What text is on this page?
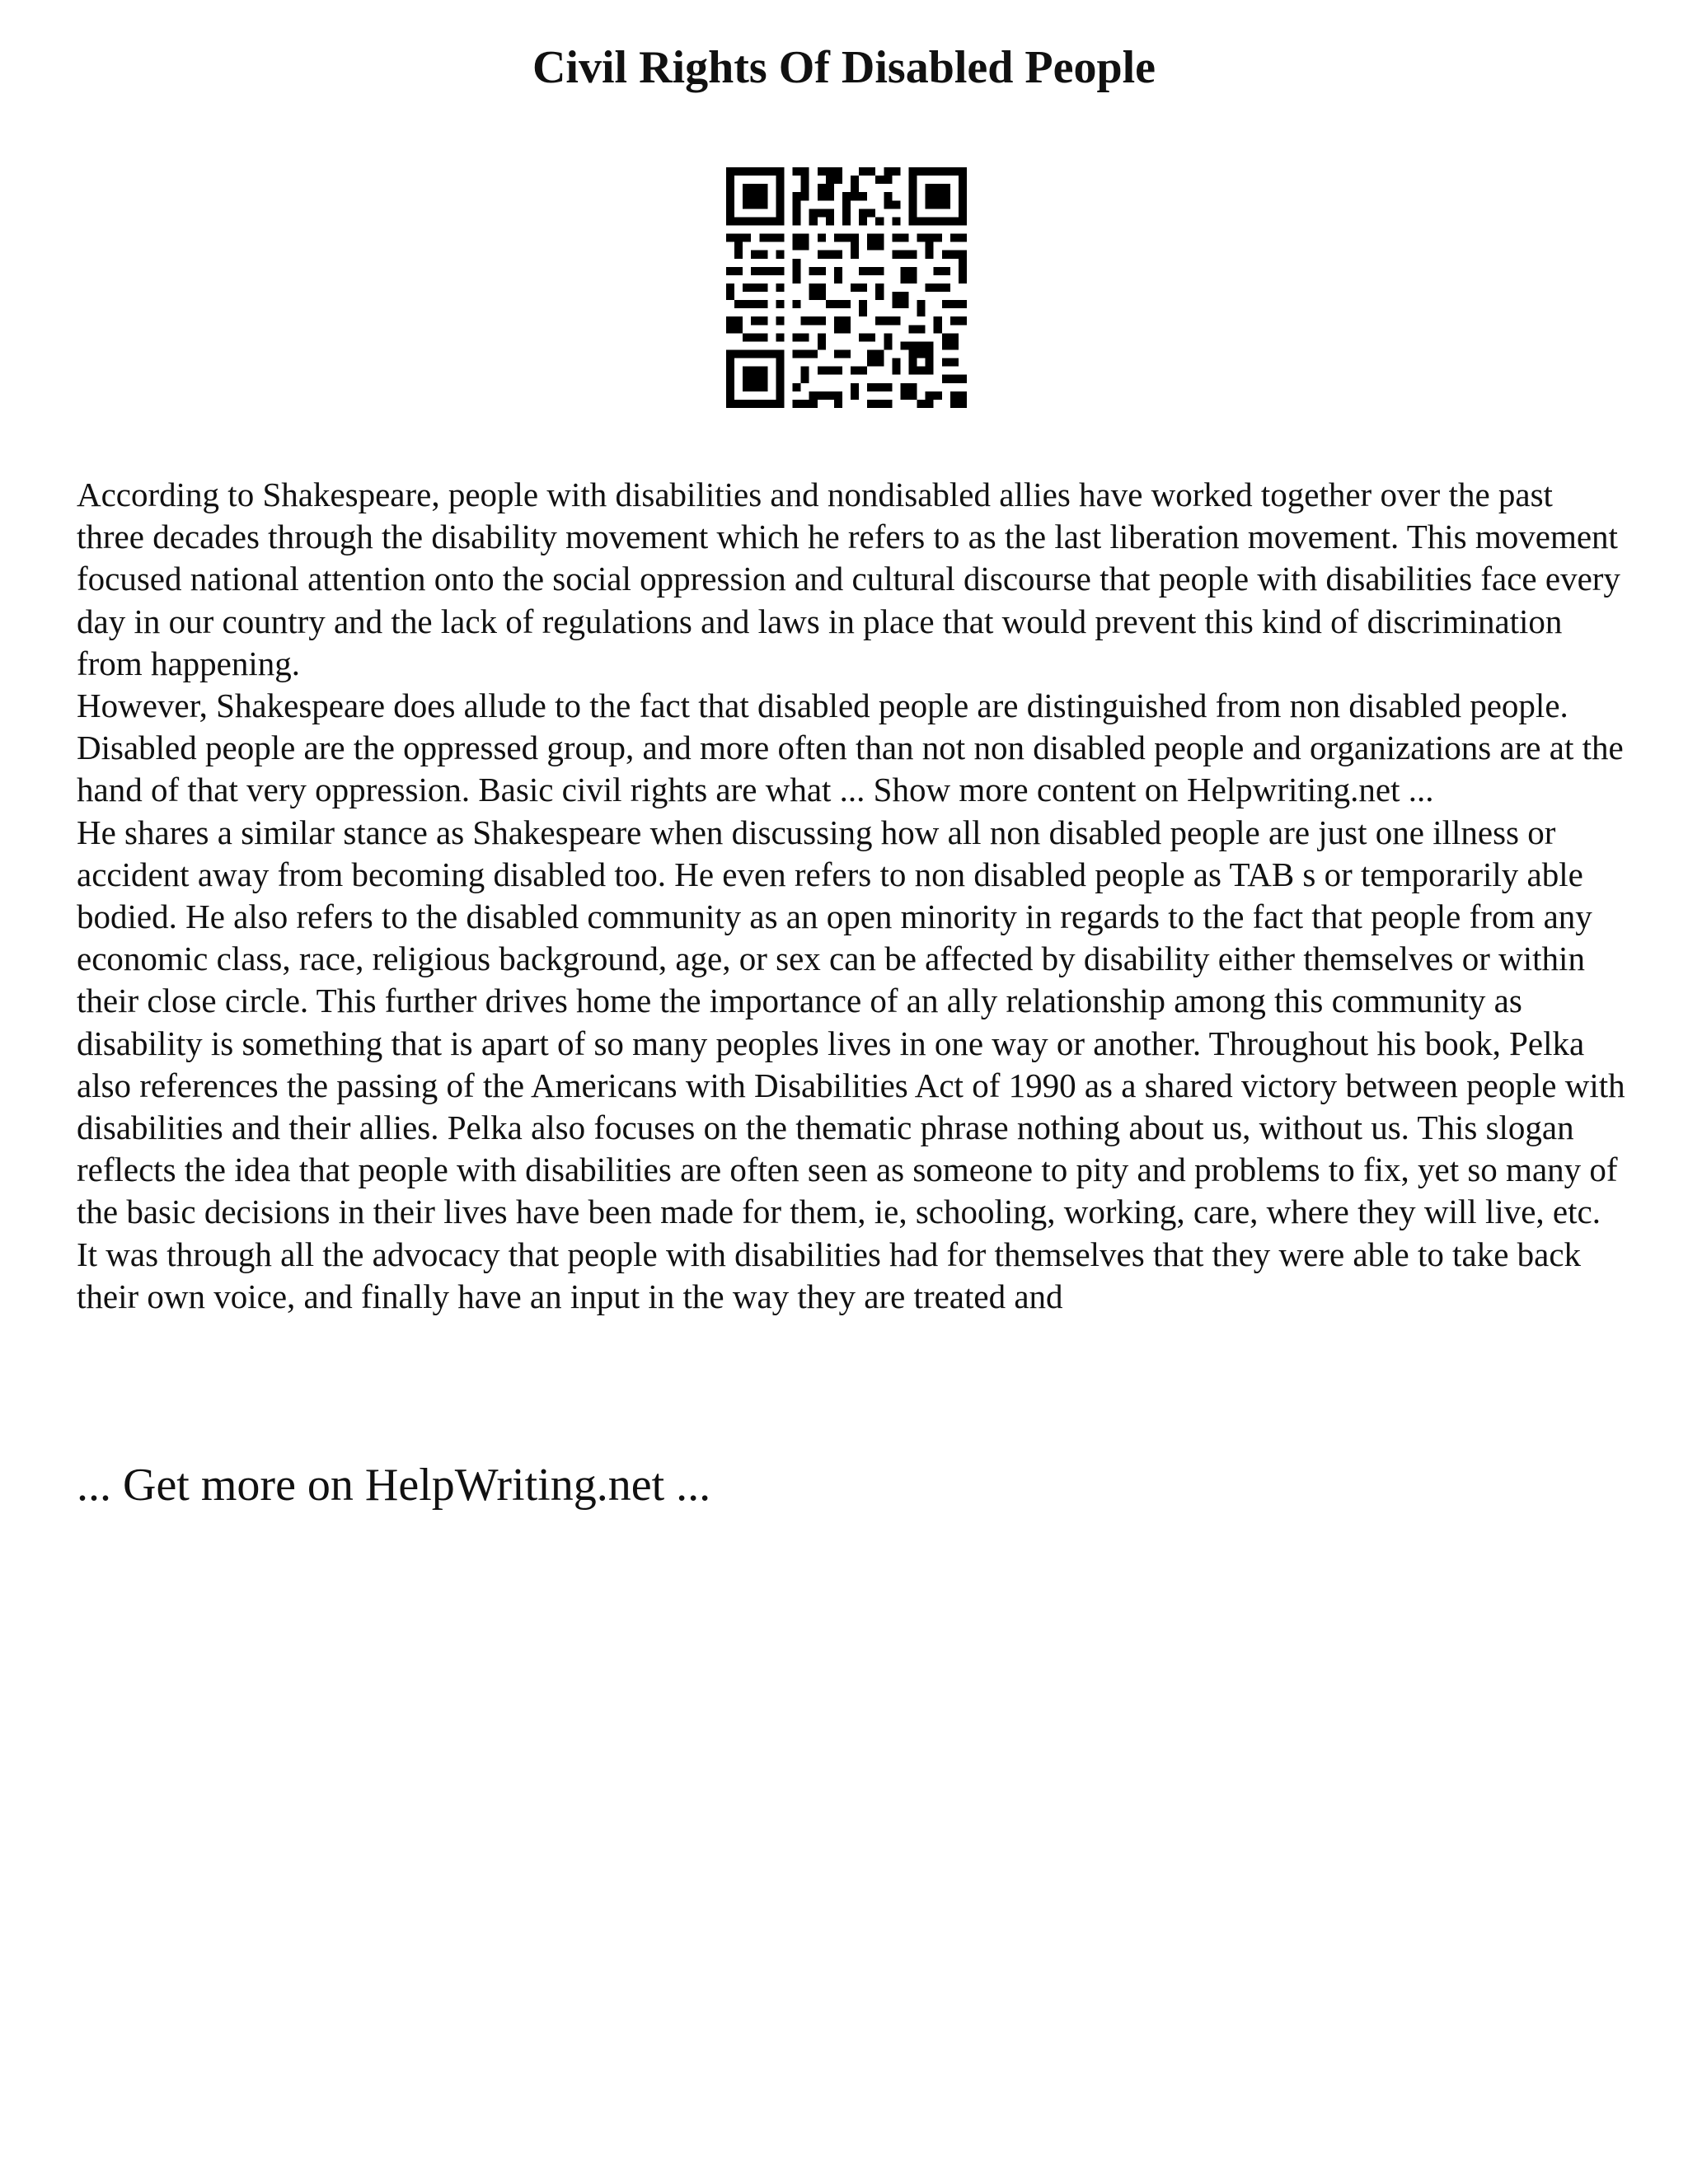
Civil Rights Of Disabled People

According to Shakespeare, people with disabilities and nondisabled allies have worked together over the past three decades through the disability movement which he refers to as the last liberation movement. This movement focused national attention onto the social oppression and cultural discourse that people with disabilities face every day in our country and the lack of regulations and laws in place that would prevent this kind of discrimination from happening.

However, Shakespeare does allude to the fact that disabled people are distinguished from non disabled people. Disabled people are the oppressed group, and more often than not non disabled people and organizations are at the hand of that very oppression. Basic civil rights are what ... Show more content on Helpwriting.net ...

He shares a similar stance as Shakespeare when discussing how all non disabled people are just one illness or accident away from becoming disabled too. He even refers to non disabled people as TAB s or temporarily able bodied. He also refers to the disabled community as an open minority in regards to the fact that people from any economic class, race, religious background, age, or sex can be affected by disability either themselves or within their close circle. This further drives home the importance of an ally relationship among this community as disability is something that is apart of so many peoples lives in one way or another. Throughout his book, Pelka also references the passing of the Americans with Disabilities Act of 1990 as a shared victory between people with disabilities and their allies. Pelka also focuses on the thematic phrase nothing about us, without us. This slogan reflects the idea that people with disabilities are often seen as someone to pity and problems to fix, yet so many of the basic decisions in their lives have been made for them, ie, schooling, working, care, where they will live, etc. It was through all the advocacy that people with disabilities had for themselves that they were able to take back their own voice, and finally have an input in the way they are treated and

... Get more on HelpWriting.net ...
